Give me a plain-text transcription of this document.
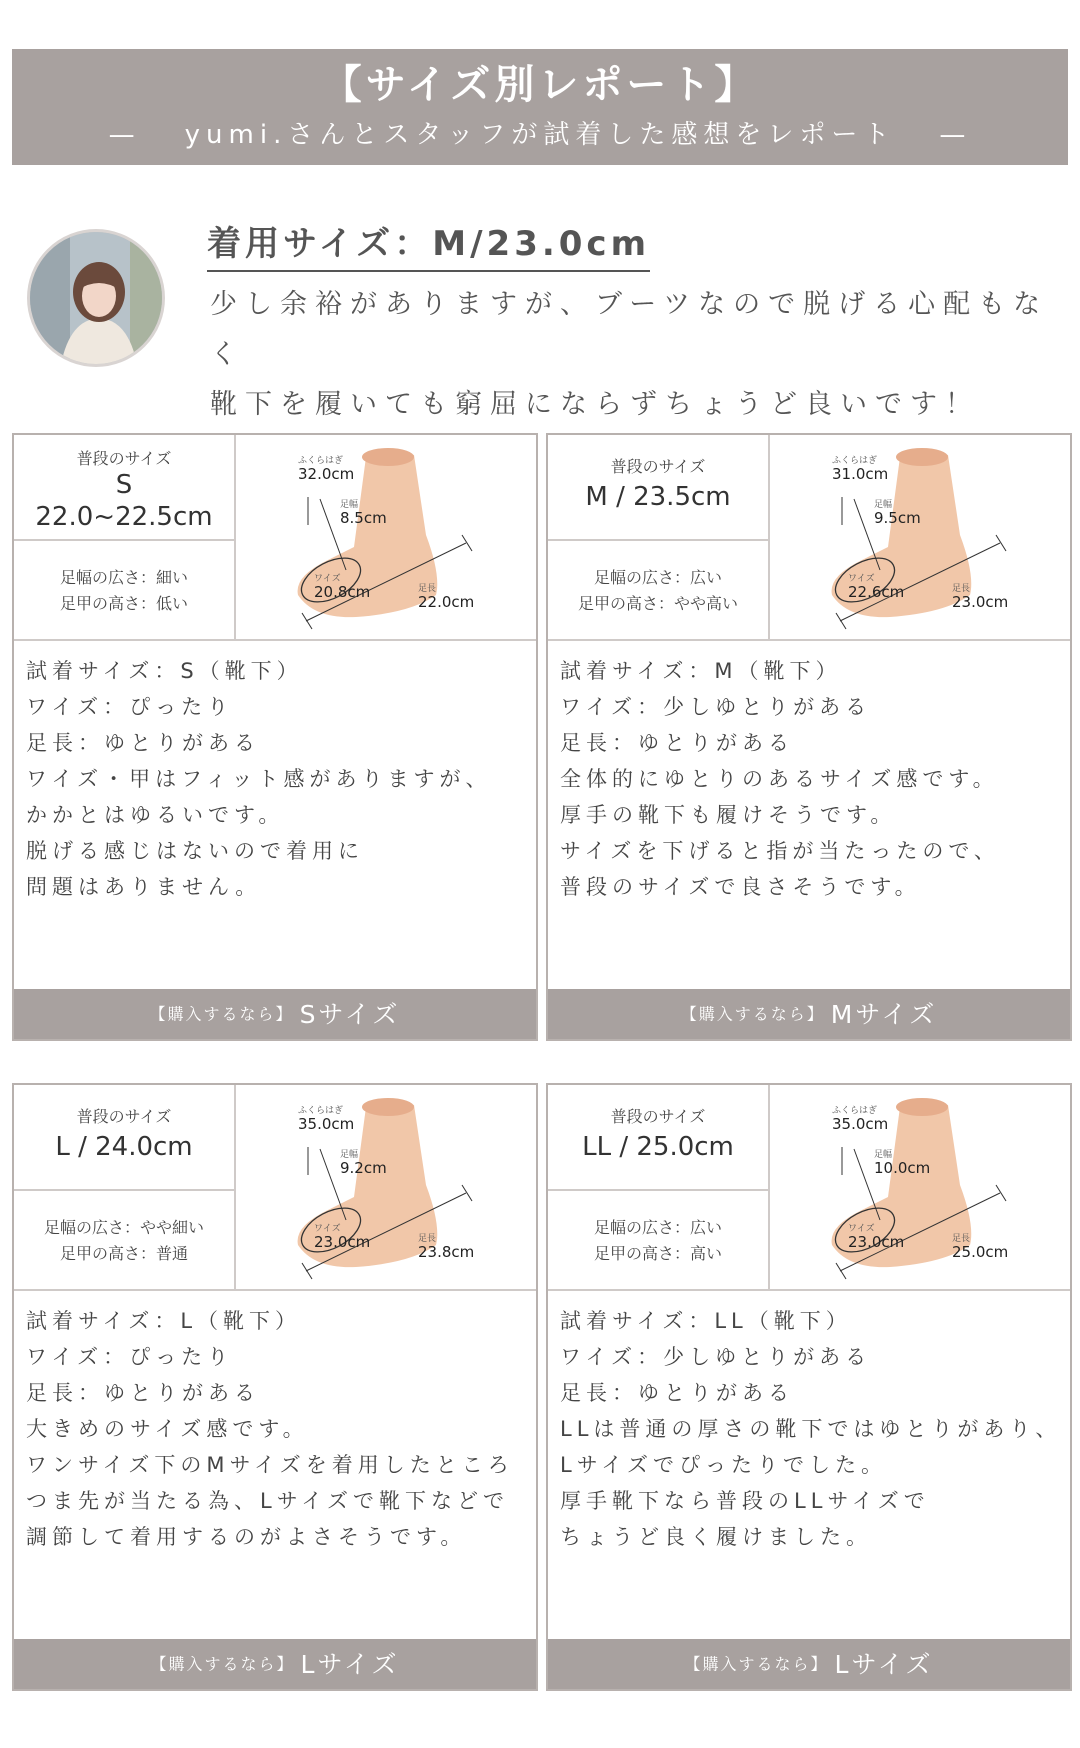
【サイズ別レポート】
— yumi.さんとスタッフが試着した感想をレポート —
着用サイズ：M/23.0cm
少し余裕がありますが、ブーツなので脱げる心配もなく
靴下を履いても窮屈にならずちょうど良いです！
普段のサイズ
S
22.0~22.5cm
足幅の広さ：細い
足甲の高さ：低い
ふくらはぎ
32.0cm
足幅
8.5cm
ワイズ
20.8cm	足長
22.0cm
試着サイズ：S（靴下）
ワイズ：ぴったり
足長：ゆとりがある
ワイズ・甲はフィット感がありますが、
かかとはゆるいです。
脱げる感じはないので着用に
問題はありません。
【購入するなら】 Sサイズ
普段のサイズ
M / 23.5cm
足幅の広さ：広い
足甲の高さ：やや高い
ふくらはぎ
31.0cm
足幅
9.5cm
ワイズ
22.6cm	足長
23.0cm
試着サイズ：M（靴下）
ワイズ：少しゆとりがある
足長：ゆとりがある
全体的にゆとりのあるサイズ感です。
厚手の靴下も履けそうです。
サイズを下げると指が当たったので、
普段のサイズで良さそうです。
【購入するなら】 Mサイズ
普段のサイズ
L / 24.0cm
足幅の広さ：やや細い
足甲の高さ：普通
ふくらはぎ
35.0cm
足幅
9.2cm
ワイズ
23.0cm	足長
23.8cm
試着サイズ：L（靴下）
ワイズ：ぴったり
足長：ゆとりがある
大きめのサイズ感です。
ワンサイズ下のMサイズを着用したところ
つま先が当たる為、Lサイズで靴下などで
調節して着用するのがよさそうです。
【購入するなら】 Lサイズ
普段のサイズ
LL / 25.0cm
足幅の広さ：広い
足甲の高さ：高い
ふくらはぎ
35.0cm
足幅
10.0cm
ワイズ
23.0cm	足長
25.0cm
試着サイズ：LL（靴下）
ワイズ：少しゆとりがある
足長：ゆとりがある
LLは普通の厚さの靴下ではゆとりがあり、
Lサイズでぴったりでした。
厚手靴下なら普段のLLサイズで
ちょうど良く履けました。
【購入するなら】 Lサイズ
